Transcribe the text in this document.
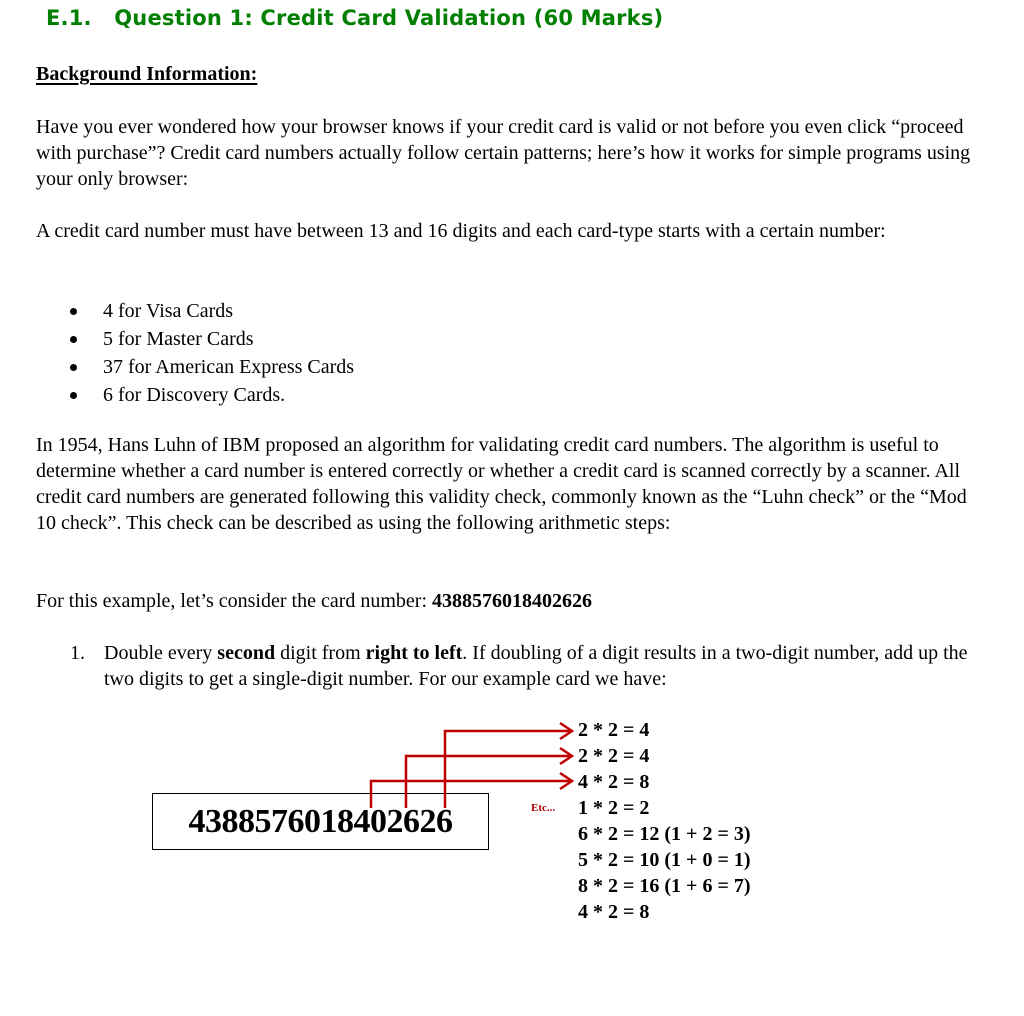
E.1.   Question 1: Credit Card Validation (60 Marks)
Background Information:
Have you ever wondered how your browser knows if your credit card is valid or not before you even click “proceed with purchase”? Credit card numbers actually follow certain patterns; here’s how it works for simple programs using your only browser:
A credit card number must have between 13 and 16 digits and each card-type starts with a certain number:
4 for Visa Cards
5 for Master Cards
37 for American Express Cards
6 for Discovery Cards.
In 1954, Hans Luhn of IBM proposed an algorithm for validating credit card numbers. The algorithm is useful to determine whether a card number is entered correctly or whether a credit card is scanned correctly by a scanner. All credit card numbers are generated following this validity check, commonly known as the “Luhn check” or the “Mod 10 check”. This check can be described as using the following arithmetic steps:
For this example, let’s consider the card number: 4388576018402626
1. Double every second digit from right to left. If doubling of a digit results in a two-digit number, add up the two digits to get a single-digit number. For our example card we have:
4388576018402626	Etc...
2 * 2 = 4
2 * 2 = 4
4 * 2 = 8
1 * 2 = 2
6 * 2 = 12 (1 + 2 = 3)
5 * 2 = 10 (1 + 0 = 1)
8 * 2 = 16 (1 + 6 = 7)
4 * 2 = 8
